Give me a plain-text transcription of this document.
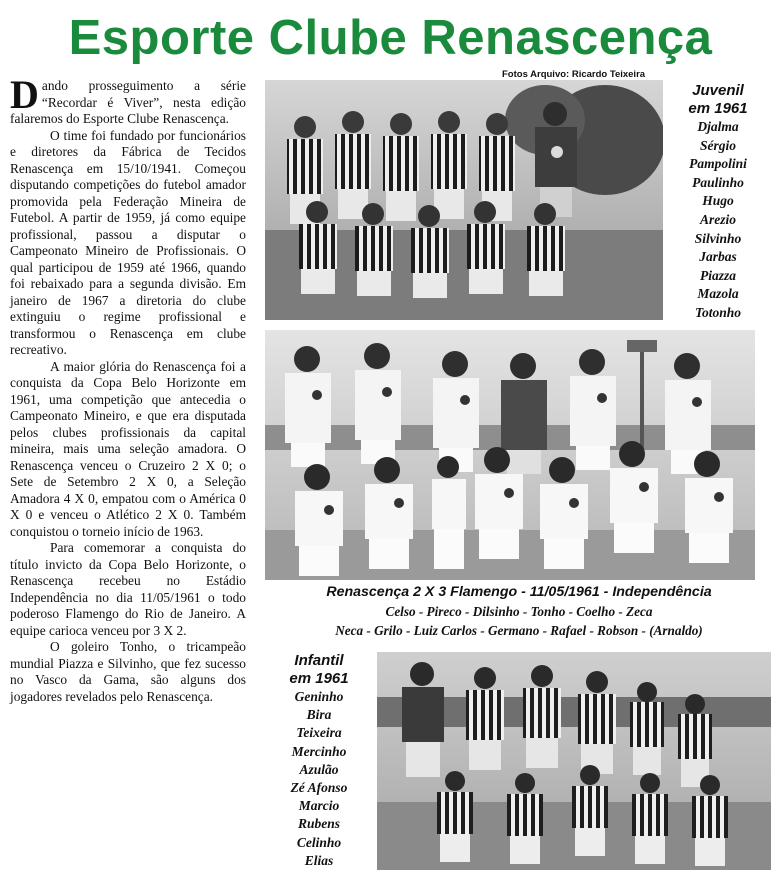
Esporte Clube Renascença
Fotos Arquivo: Ricardo Teixeira

Dando prosseguimento a série “Recordar é Viver”, nesta edição falaremos do Esporte Clube Renascença.

O time foi fundado por funcionários e diretores da Fábrica de Tecidos Renascença em 15/10/1941. Começou disputando competições do futebol amador promovida pela Federação Mineira de Futebol. A partir de 1959, já como equipe profissional, passou a disputar o Campeonato Mineiro de Profissionais. O qual participou de 1959 até 1966, quando foi rebaixado para a segunda divisão. Em janeiro de 1967 a diretoria do clube extinguiu o regime profissional e transformou o Renascença em clube recreativo.

A maior glória do Renascença foi a conquista da Copa Belo Horizonte em 1961, uma competição que antecedia o Campeonato Mineiro, e que era disputada pelos clubes profissionais da capital mineira, mais uma seleção amadora. O Renascença venceu o Cruzeiro 2 X 0; o Sete de Setembro 2 X 0, a Seleção Amadora 4 X 0, empatou com o América 0 X 0 e venceu o Atlético 2 X 0. Também conquistou o torneio início de 1963.

Para comemorar a conquista do título invicto da Copa Belo Horizonte, o Renascença recebeu no Estádio Independência no dia 11/05/1961 o todo poderoso Flamengo do Rio de Janeiro. A equipe carioca venceu por 3 X 2.

O goleiro Tonho, o tricampeão mundial Piazza e Silvinho, que fez sucesso no Vasco da Gama, são alguns dos jogadores revelados pelo Renascença.

Juvenil
em 1961
Djalma
Sérgio
Pampolini
Paulinho
Hugo
Arezio
Silvinho
Jarbas
Piazza
Mazola
Totonho
Renascença 2 X 3 Flamengo - 11/05/1961 - Independência
Celso - Pireco - Dilsinho - Tonho - Coelho - Zeca
Neca - Grilo - Luiz Carlos - Germano - Rafael - Robson - (Arnaldo)
Infantil
em 1961
Geninho
Bira
Teixeira
Mercinho
Azulão
Zé Afonso
Marcio
Rubens
Celinho
Elias
